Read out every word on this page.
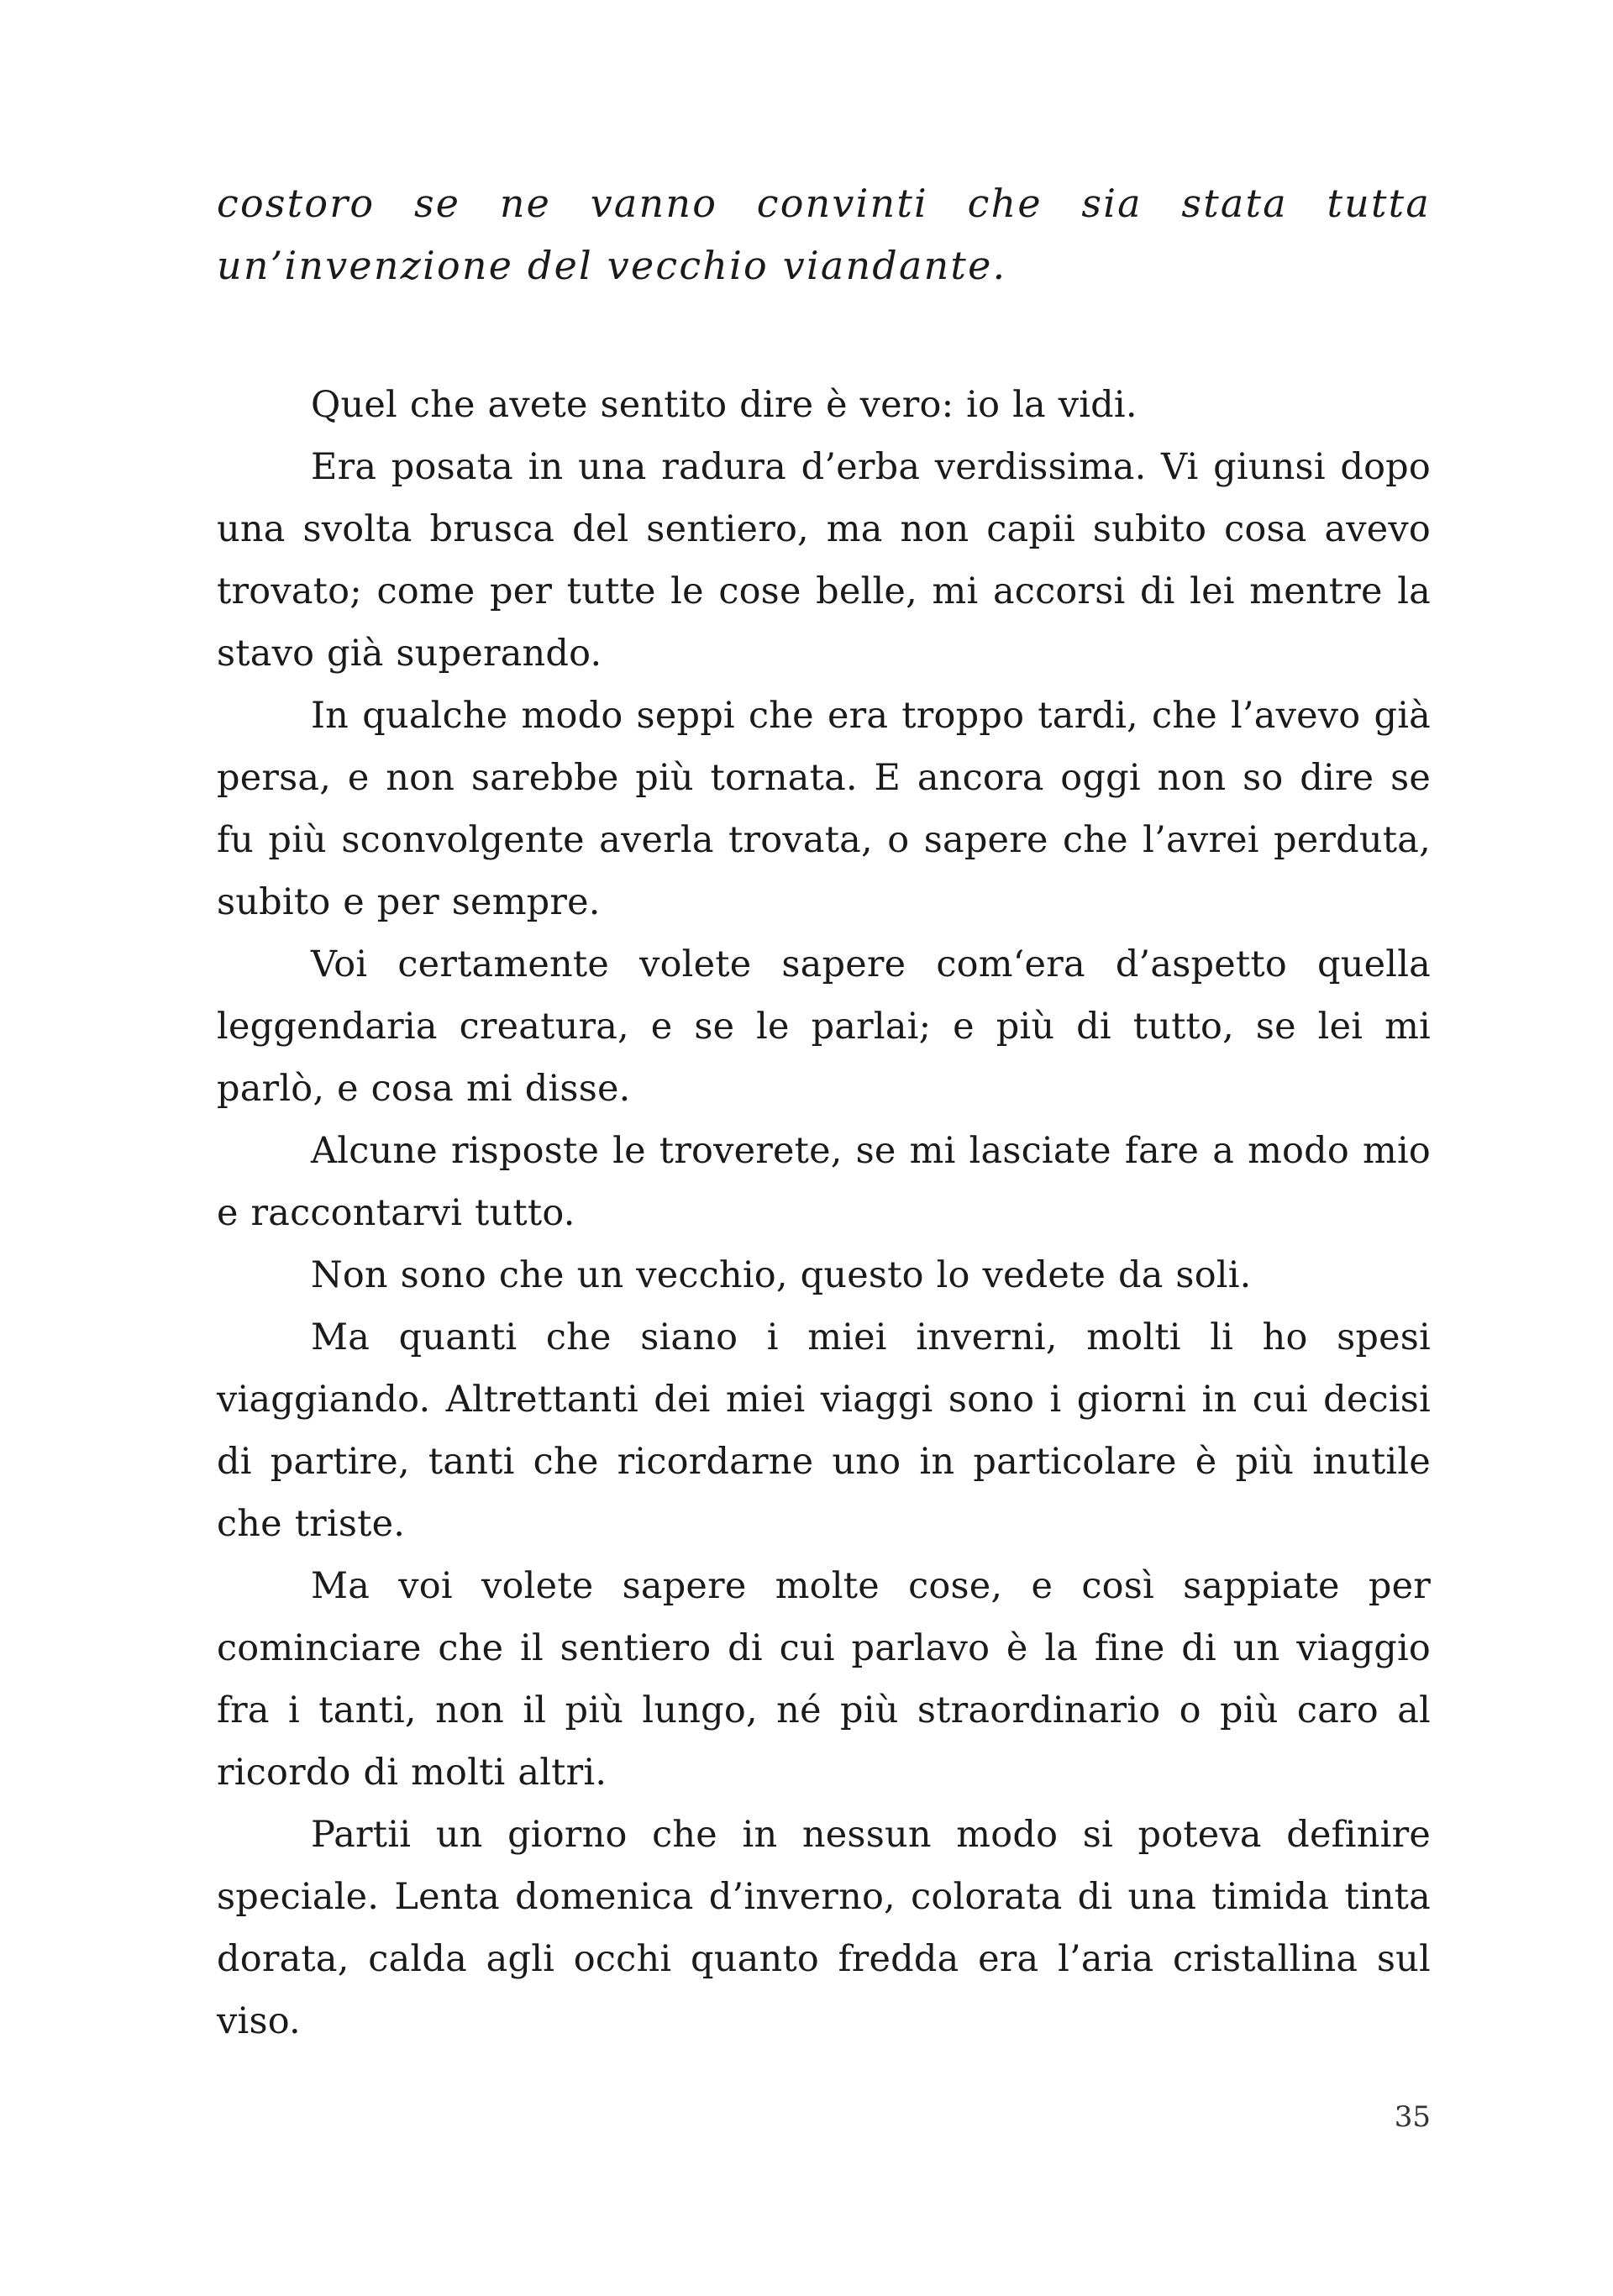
costoro se ne vanno convinti che sia stata tutta un’invenzione del vecchio viandante.

Quel che avete sentito dire è vero: io la vidi.

Era posata in una radura d’erba verdissima. Vi giunsi dopo una svolta brusca del sentiero, ma non capii subito cosa avevo trovato; come per tutte le cose belle, mi accorsi di lei mentre la stavo già superando.

In qualche modo seppi che era troppo tardi, che l’avevo già persa, e non sarebbe più tornata. E ancora oggi non so dire se fu più sconvolgente averla trovata, o sapere che l’avrei perduta, subito e per sempre.

Voi certamente volete sapere com‘era d’aspetto quella leggendaria creatura, e se le parlai; e più di tutto, se lei mi parlò, e cosa mi disse.

Alcune risposte le troverete, se mi lasciate fare a modo mio e raccontarvi tutto.

Non sono che un vecchio, questo lo vedete da soli.

Ma quanti che siano i miei inverni, molti li ho spesi viaggiando. Altrettanti dei miei viaggi sono i giorni in cui decisi di partire, tanti che ricordarne uno in particolare è più inutile che triste.

Ma voi volete sapere molte cose, e così sappiate per cominciare che il sentiero di cui parlavo è la fine di un viaggio fra i tanti, non il più lungo, né più straordinario o più caro al ricordo di molti altri.

Partii un giorno che in nessun modo si poteva definire speciale. Lenta domenica d’inverno, colorata di una timida tinta dorata, calda agli occhi quanto fredda era l’aria cristallina sul viso.

35
